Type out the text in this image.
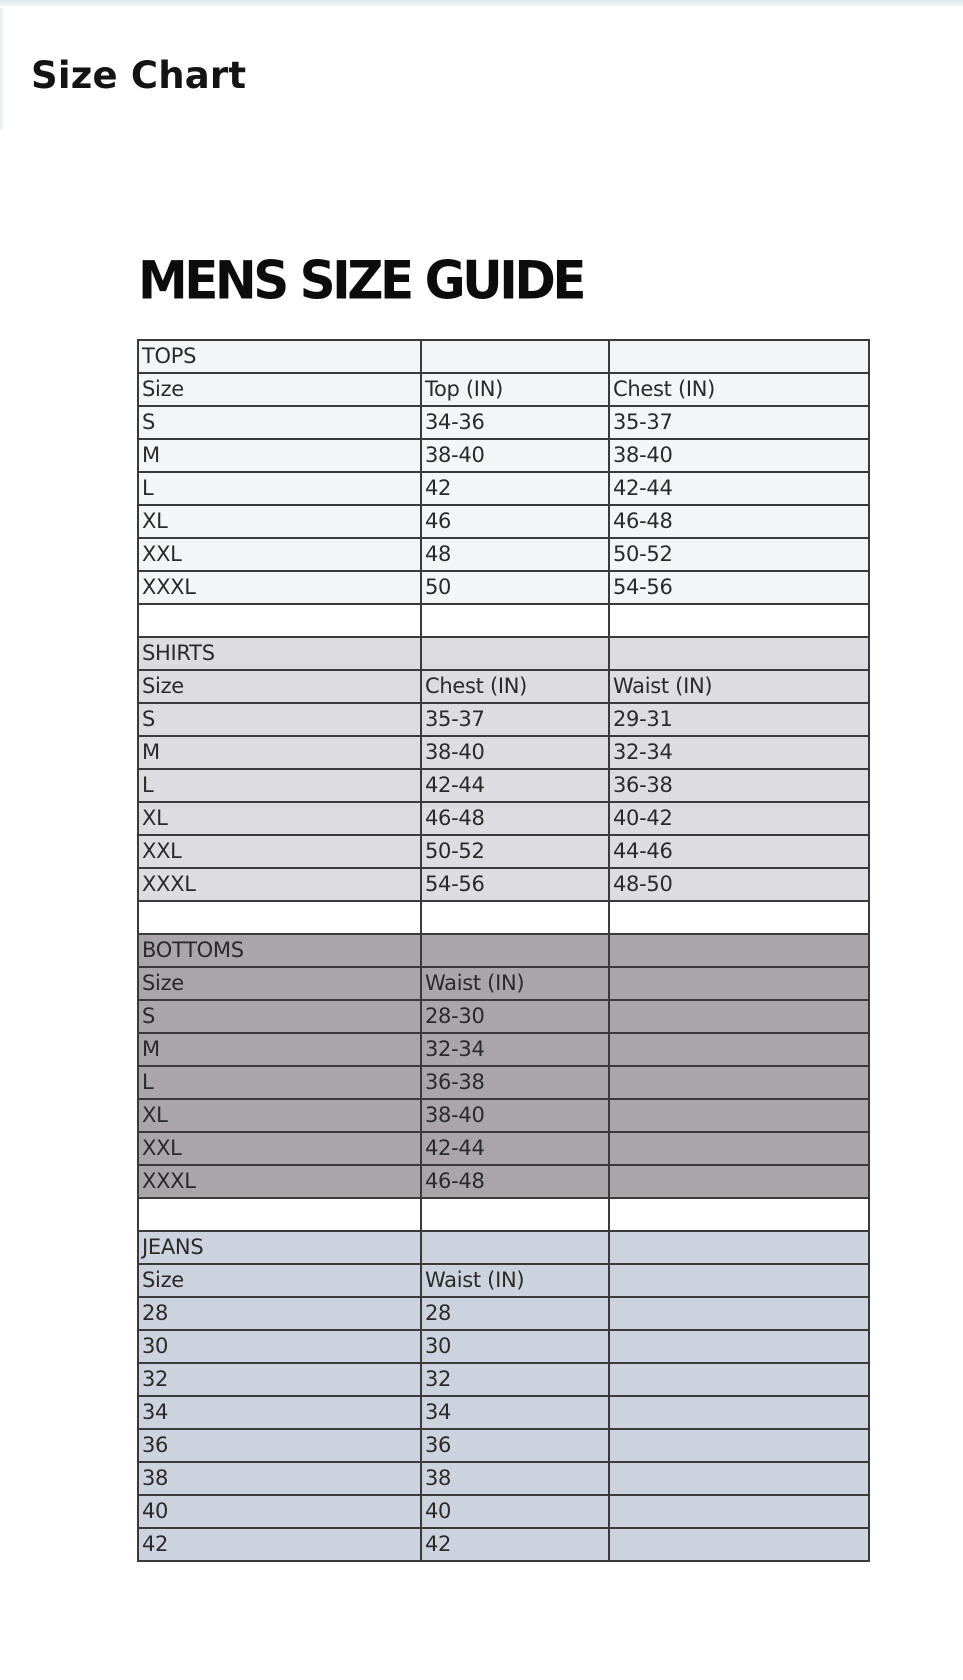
Size Chart
MENS SIZE GUIDE
TOPS		
Size	Top (IN)	Chest (IN)
S	34-36	35-37
M	38-40	38-40
L	42	42-44
XL	46	46-48
XXL	48	50-52
XXXL	50	54-56

SHIRTS		
Size	Chest (IN)	Waist (IN)
S	35-37	29-31
M	38-40	32-34
L	42-44	36-38
XL	46-48	40-42
XXL	50-52	44-46
XXXL	54-56	48-50

BOTTOMS		
Size	Waist (IN)	
S	28-30	
M	32-34	
L	36-38	
XL	38-40	
XXL	42-44	
XXXL	46-48	

JEANS		
Size	Waist (IN)	
28	28	
30	30	
32	32	
34	34	
36	36	
38	38	
40	40	
42	42	
